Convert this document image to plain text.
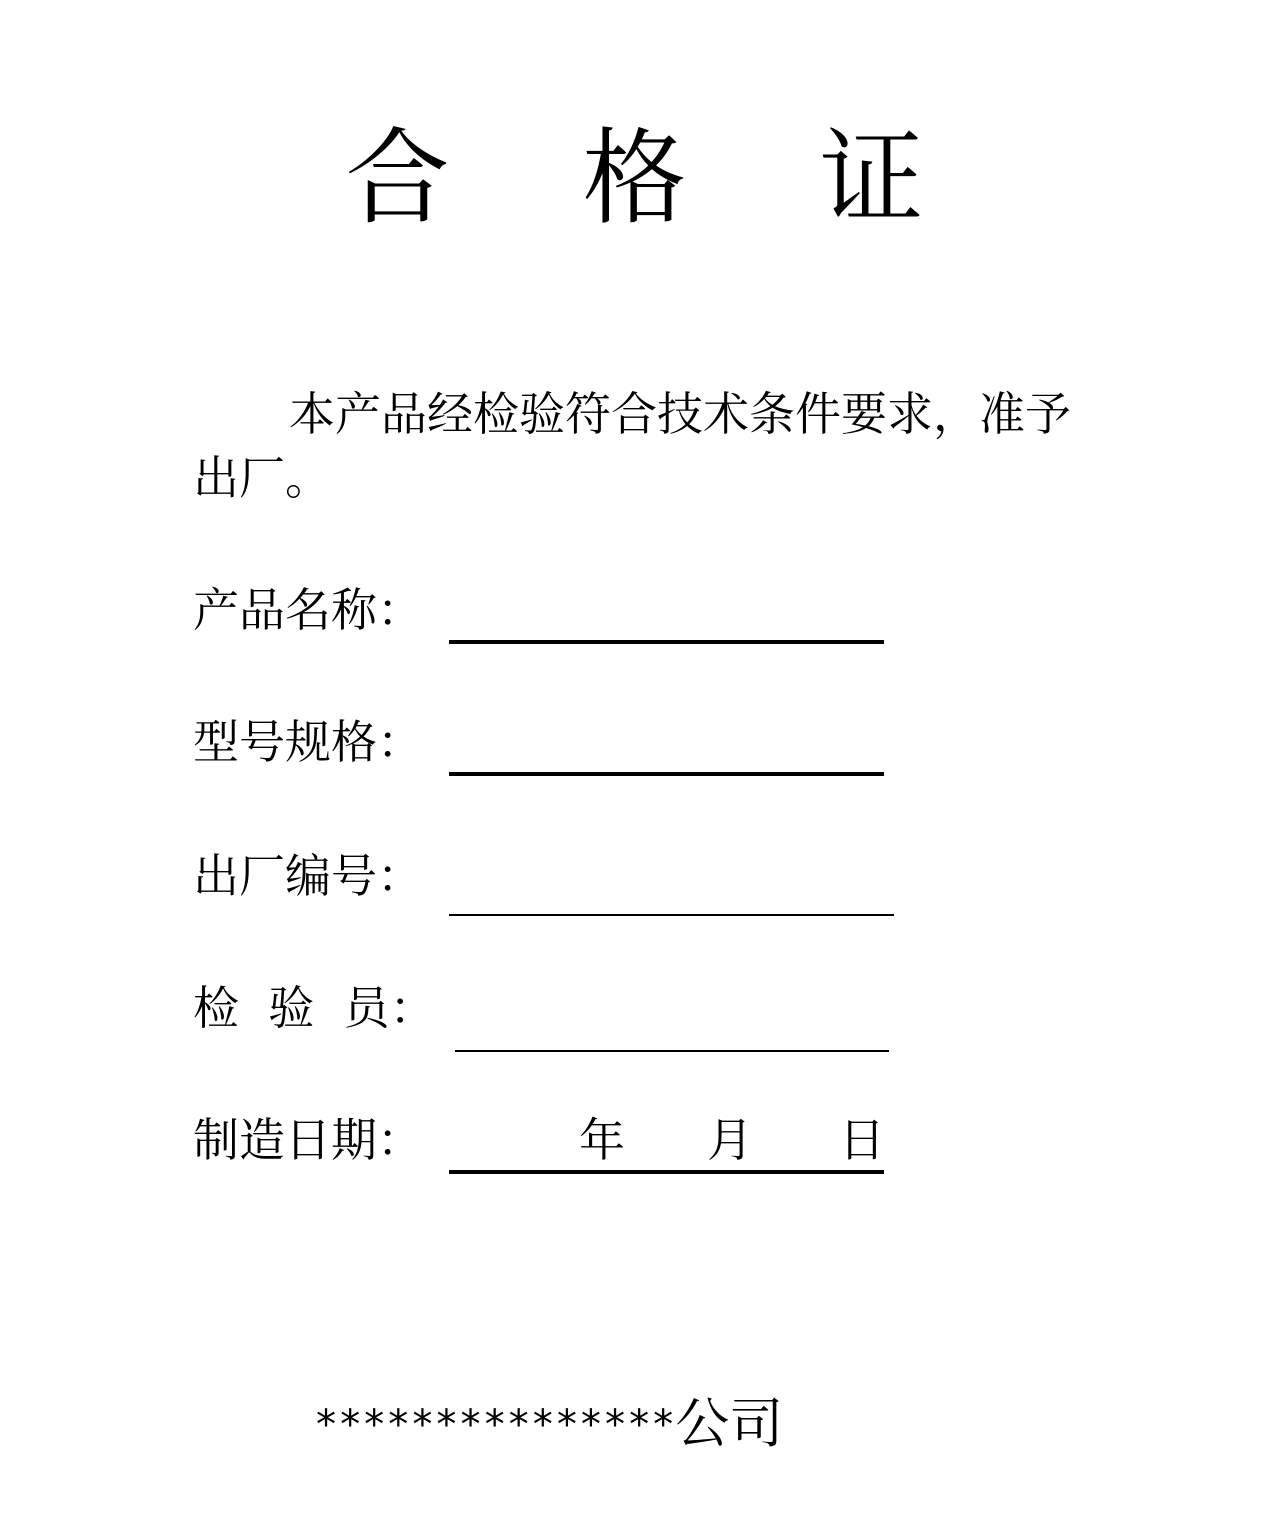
合 格 证

本产品经检验符合技术条件要求，准予出厂。

产品名称：
型号规格：
出厂编号：
检  验  员：
制造日期：	年 月 日
***************公司
